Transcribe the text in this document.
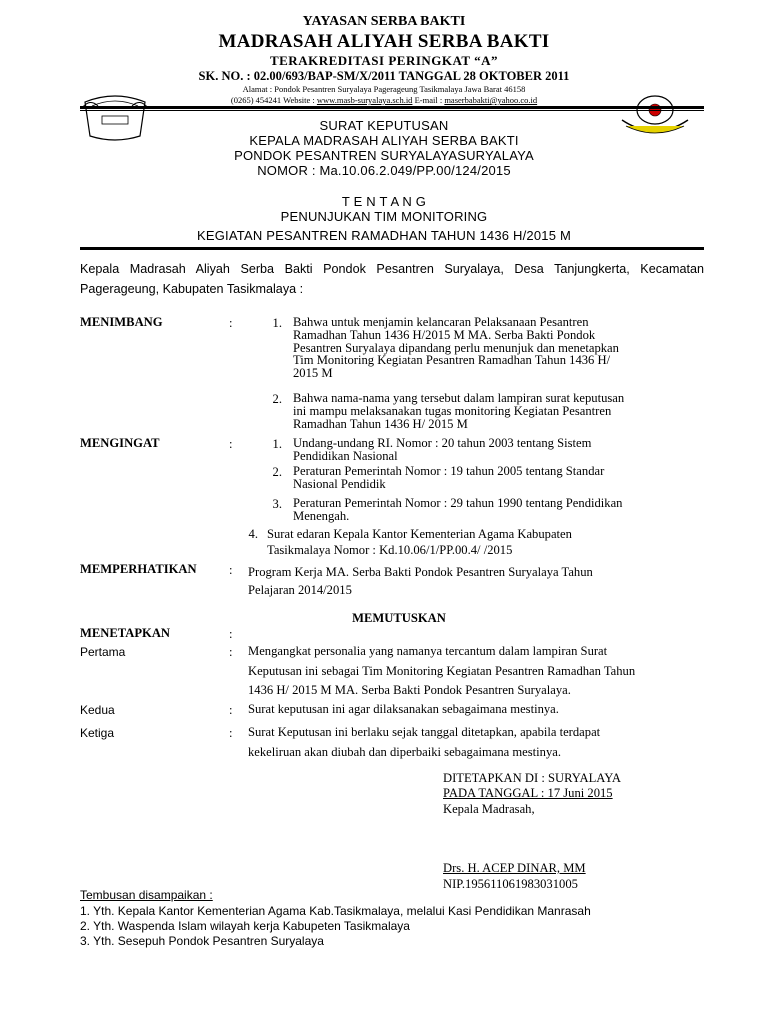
YAYASAN SERBA BAKTI
MADRASAH ALIYAH SERBA BAKTI
TERAKREDITASI PERINGKAT “A”
SK. NO. : 02.00/693/BAP-SM/X/2011 TANGGAL 28 OKTOBER 2011
Alamat : Pondok Pesantren Suryalaya Pagerageung Tasikmalaya Jawa Barat 46158
(0265) 454241 Website : www.masb-suryalaya.sch.id E-mail : maserbabakti@yahoo.co.id
SURAT KEPUTUSAN
KEPALA MADRASAH ALIYAH SERBA BAKTI
PONDOK PESANTREN SURYALAYASURYALAYA
NOMOR : Ma.10.06.2.049/PP.00/124/2015
T E N T A N G
PENUNJUKAN TIM MONITORING
KEGIATAN PESANTREN RAMADHAN TAHUN 1436 H/2015 M
Kepala Madrasah Aliyah Serba Bakti Pondok Pesantren Suryalaya, Desa Tanjungkerta, Kecamatan
Pagerageung, Kabupaten Tasikmalaya :
MENIMBANG	:	1. Bahwa untuk menjamin kelancaran Pelaksanaan Pesantren
Ramadhan Tahun 1436 H/2015 M MA. Serba Bakti Pondok
Pesantren Suryalaya dipandang perlu menunjuk dan menetapkan
Tim Monitoring Kegiatan Pesantren Ramadhan Tahun 1436 H/
2015 M
2. Bahwa nama-nama yang tersebut dalam lampiran surat keputusan
ini mampu melaksanakan tugas monitoring Kegiatan Pesantren
Ramadhan Tahun 1436 H/ 2015 M
MENGINGAT	:	1. Undang-undang RI. Nomor : 20 tahun 2003 tentang Sistem
Pendidikan Nasional
2. Peraturan Pemerintah Nomor : 19 tahun 2005 tentang Standar
Nasional Pendidik
3. Peraturan Pemerintah Nomor : 29 tahun 1990 tentang Pendidikan
Menengah.
4. Surat edaran Kepala Kantor Kementerian Agama Kabupaten
Tasikmalaya Nomor : Kd.10.06/1/PP.00.4/ /2015
MEMPERHATIKAN	: Program Kerja MA. Serba Bakti Pondok Pesantren Suryalaya Tahun
Pelajaran 2014/2015
MEMUTUSKAN
MENETAPKAN	:
Pertama	: Mengangkat personalia yang namanya tercantum dalam lampiran Surat
Keputusan ini sebagai Tim Monitoring Kegiatan Pesantren Ramadhan Tahun
1436 H/ 2015 M MA. Serba Bakti Pondok Pesantren Suryalaya.
Kedua	: Surat keputusan ini agar dilaksanakan sebagaimana mestinya.
Ketiga	: Surat Keputusan ini berlaku sejak tanggal ditetapkan, apabila terdapat
kekeliruan akan diubah dan diperbaiki sebagaimana mestinya.
DITETAPKAN DI : SURYALAYA
PADA TANGGAL : 17 Juni 2015
Kepala Madrasah,
Drs. H. ACEP DINAR, MM
NIP.195611061983031005
Tembusan disampaikan :
1. Yth. Kepala Kantor Kementerian Agama Kab.Tasikmalaya, melalui Kasi Pendidikan Manrasah
2. Yth. Waspenda Islam wilayah kerja Kabupeten Tasikmalaya
3. Yth. Sesepuh Pondok Pesantren Suryalaya
